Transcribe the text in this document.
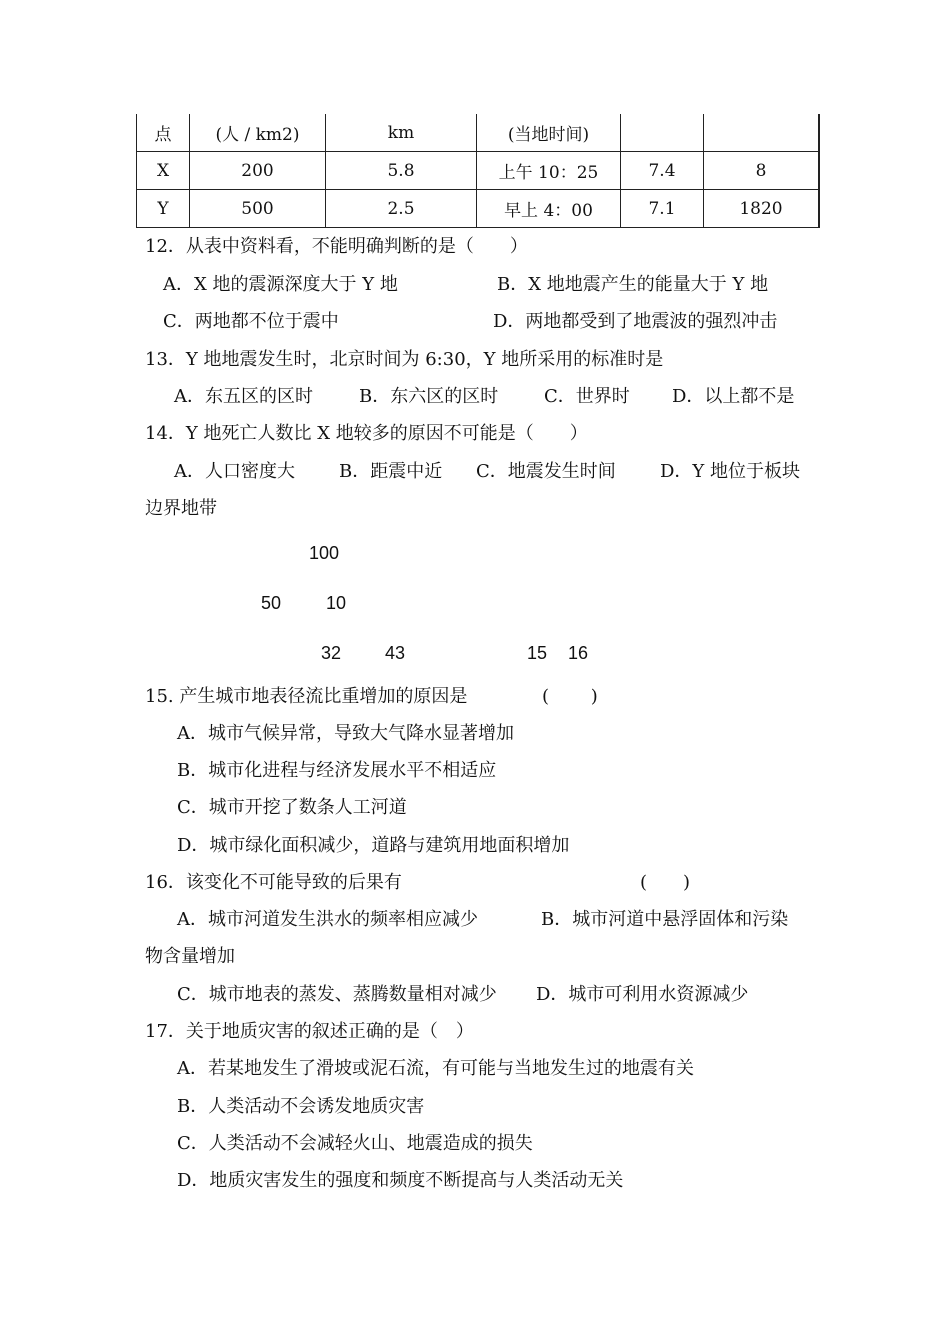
点	(人 / km2)	km	(当地时间)		
X	200	5.8	上午 10：25	7.4	8
Y	500	2.5	早上 4：00	7.1	1820
12．从表中资料看，不能明确判断的是（　　）
A．X 地的震源深度大于 Y 地	B．X 地地震产生的能量大于 Y 地
C．两地都不位于震中	D．两地都受到了地震波的强烈冲击
13．Y 地地震发生时，北京时间为 6:30，Y 地所采用的标准时是
A．东五区的区时	B．东六区的区时	C．世界时 D．以上都不是
14．Y 地死亡人数比 X 地较多的原因不可能是（　　）
A．人口密度大 B．距震中近 C．地震发生时间 D．Y 地位于板块
边界地带
100
50 10
32 43	15 16
15. 产生城市地表径流比重增加的原因是	(　　 )
A．城市气候异常，导致大气降水显著增加
B．城市化进程与经济发展水平不相适应
C．城市开挖了数条人工河道
D．城市绿化面积减少，道路与建筑用地面积增加
16．该变化不可能导致的后果有	(　　)
A．城市河道发生洪水的频率相应减少	B．城市河道中悬浮固体和污染
物含量增加
C．城市地表的蒸发、蒸腾数量相对减少 D．城市可利用水资源减少
17．关于地质灾害的叙述正确的是（　）
A．若某地发生了滑坡或泥石流，有可能与当地发生过的地震有关
B．人类活动不会诱发地质灾害
C．人类活动不会减轻火山、地震造成的损失
D．地质灾害发生的强度和频度不断提高与人类活动无关
